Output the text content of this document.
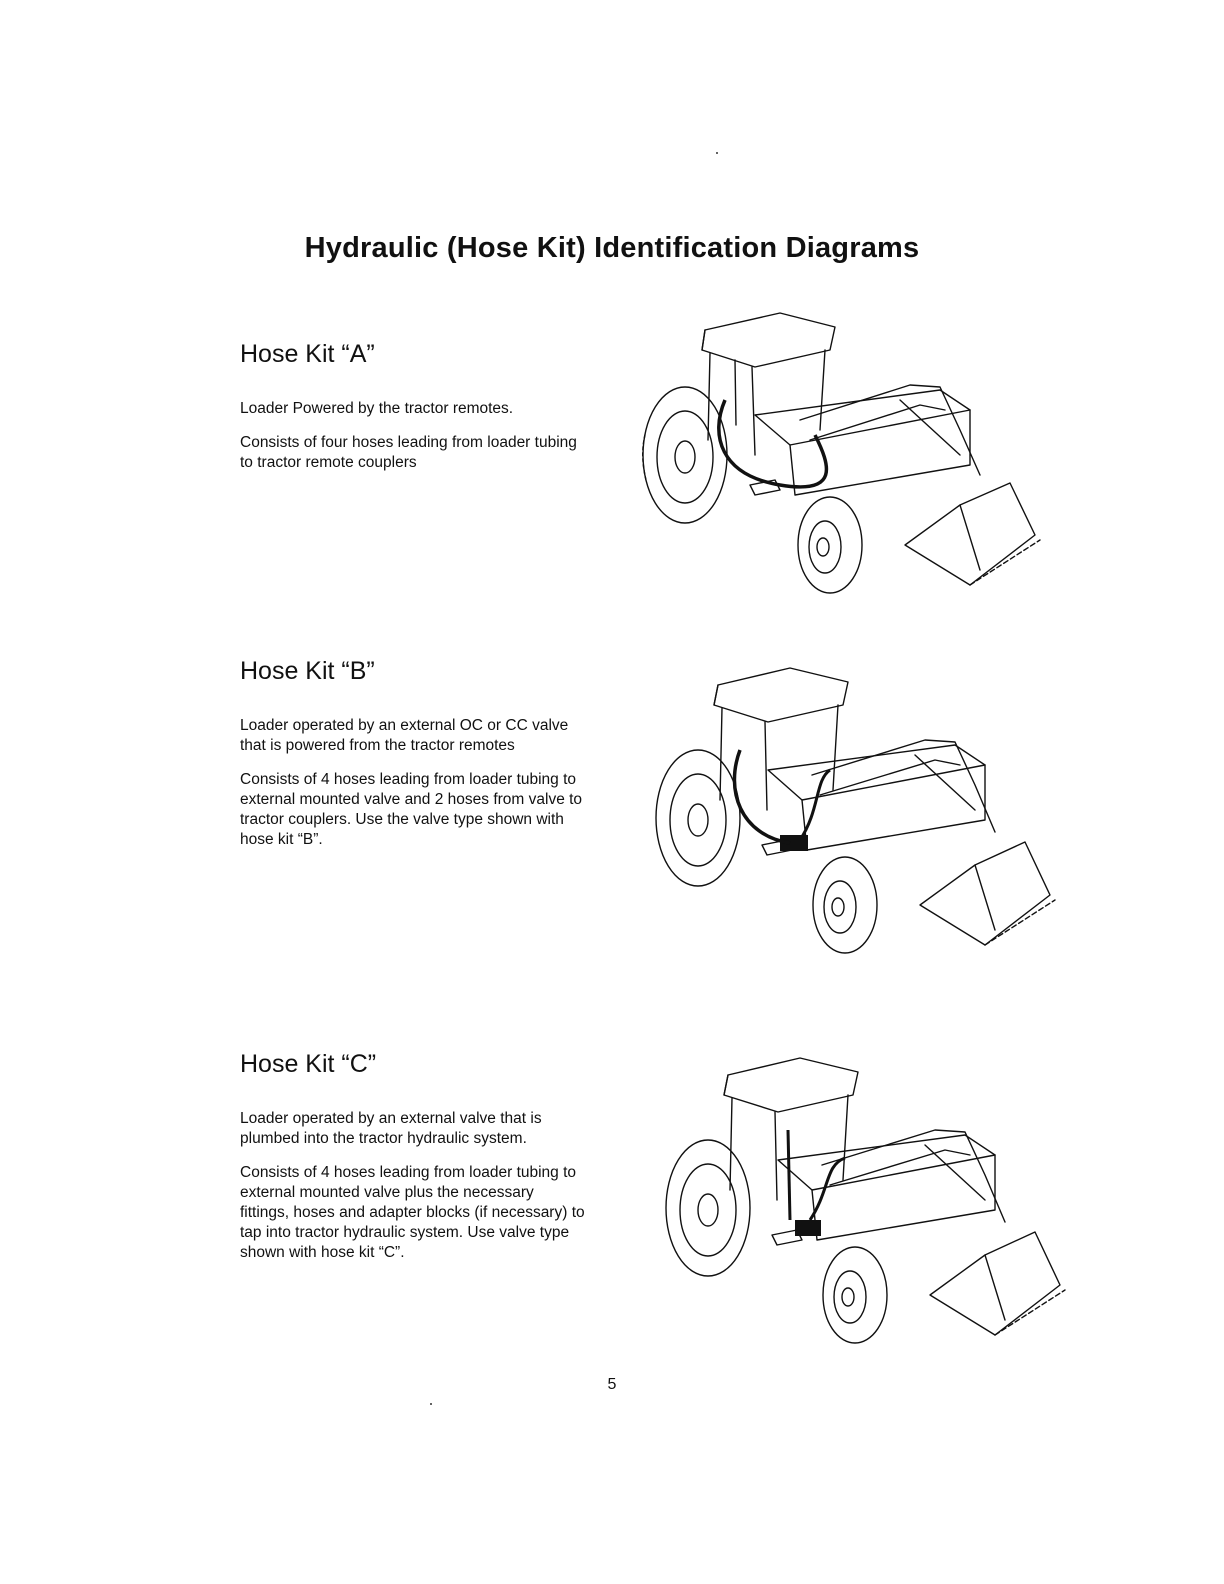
Hydraulic (Hose Kit) Identification Diagrams
Hose Kit “A”

Loader Powered by the tractor remotes.

Consists of four hoses leading from loader tubing to tractor remote couplers

Hose Kit “B”

Loader operated by an external OC or CC valve that is powered from the tractor remotes

Consists of 4 hoses leading from loader tubing to external mounted valve and 2 hoses from valve to tractor couplers. Use the valve type shown with hose kit “B”.

Hose Kit “C”

Loader operated by an external valve that is plumbed into the tractor hydraulic system.

Consists of 4 hoses leading from loader tubing to external mounted valve plus the necessary fittings, hoses and adapter blocks (if necessary) to tap into tractor hydraulic system. Use valve type shown with hose kit “C”.

5
